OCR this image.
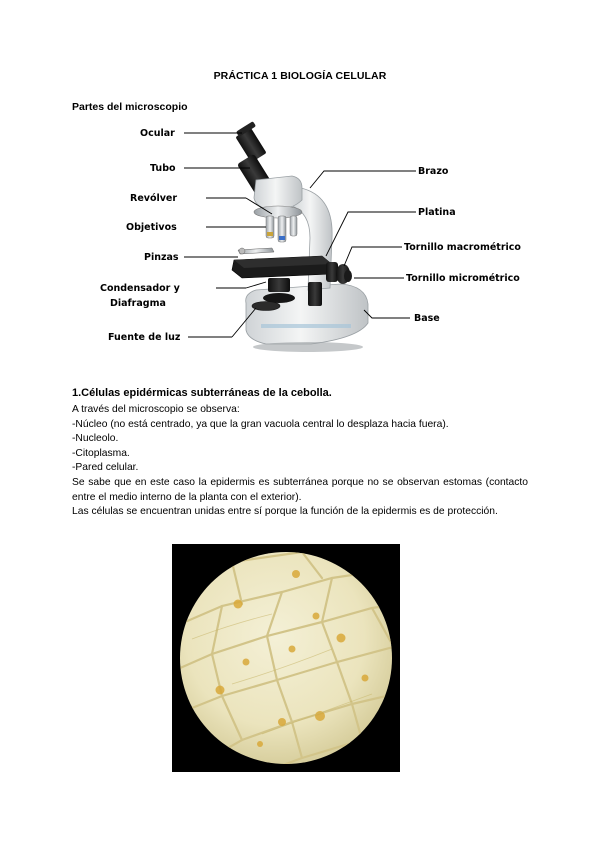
PRÁCTICA 1 BIOLOGÍA CELULAR
Partes del microscopio
Ocular
Tubo
Revólver
Objetivos
Pinzas
Condensador y
Diafragma
Fuente de luz
Brazo
Platina
Tornillo macrométrico
Tornillo micrométrico
Base
1.Células epidérmicas subterráneas de la cebolla.

A través del microscopio se observa:

-Núcleo (no está centrado, ya que la gran vacuola central lo desplaza hacia fuera).

-Nucleolo.

-Citoplasma.

-Pared celular.

Se sabe que en este caso la epidermis es subterránea porque no se observan estomas (contacto entre el medio interno de la planta con el exterior).

Las células se encuentran unidas entre sí porque la función de la epidermis es de protección.
